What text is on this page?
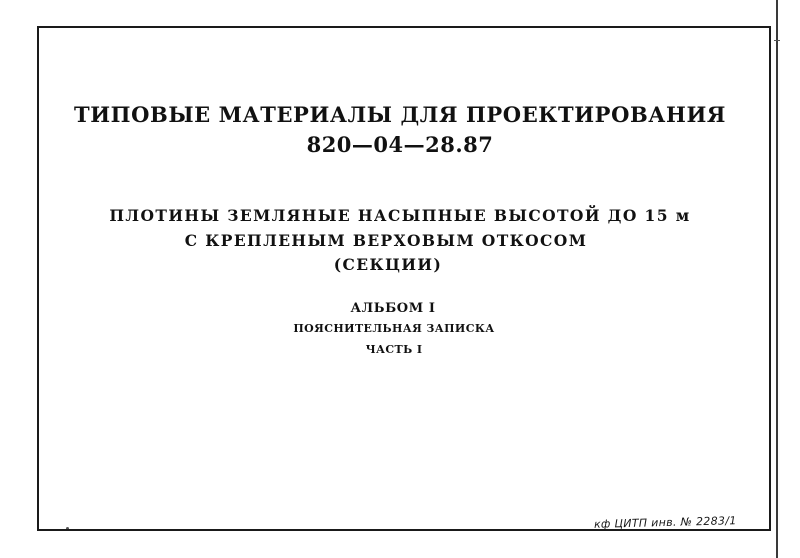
ТИПОВЫЕ МАТЕРИАЛЫ ДЛЯ ПРОЕКТИРОВАНИЯ
820—04—28.87
ПЛОТИНЫ ЗЕМЛЯНЫЕ НАСЫПНЫЕ ВЫСОТОЙ ДО 15 м
С КРЕПЛЕНЫМ ВЕРХОВЫМ ОТКОСОМ
(СЕКЦИИ)
АЛЬБОМ I
ПОЯСНИТЕЛЬНАЯ ЗАПИСКА
ЧАСТЬ I
кф ЦИТП инв. № 2283/1
